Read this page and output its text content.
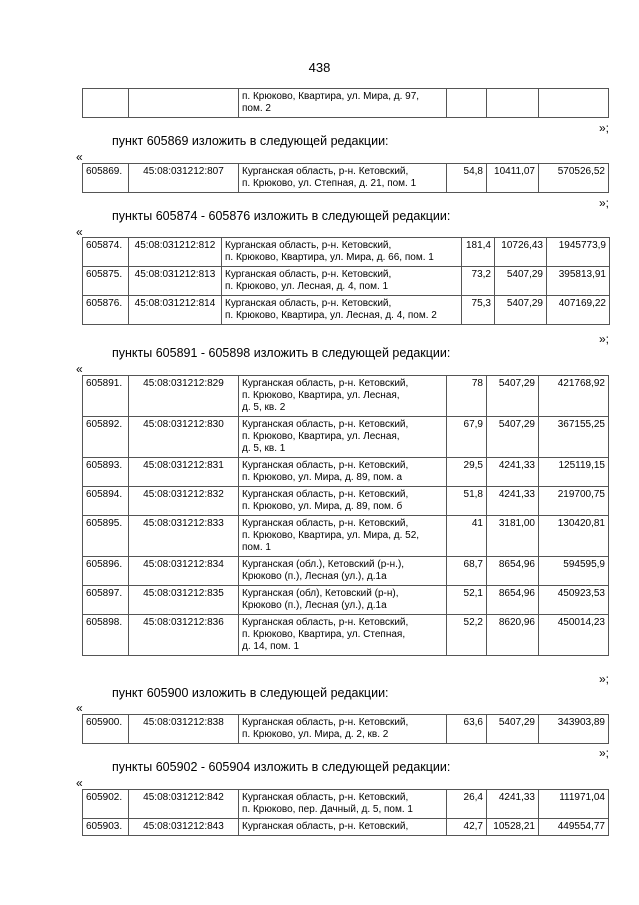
438

	п. Крюково, Квартира, ул. Мира, д. 97,
пом. 2	

»;
пункт 605869 изложить в следующей редакции:
«
605869.	45:08:031212:807	Курганская область, р-н. Кетовский,
п. Крюково, ул. Степная, д. 21, пом. 1	54,8	10411,07	570526,52
»;
пункты 605874 - 605876 изложить в следующей редакции:
«
605874.	45:08:031212:812	Курганская область, р-н. Кетовский,
п. Крюково, Квартира, ул. Мира, д. 66, пом. 1	181,4	10726,43	1945773,9
605875.	45:08:031212:813	Курганская область, р-н. Кетовский,
п. Крюково, ул. Лесная, д. 4, пом. 1	73,2	5407,29	395813,91
605876.	45:08:031212:814	Курганская область, р-н. Кетовский,
п. Крюково, Квартира, ул. Лесная, д. 4, пом. 2	75,3	5407,29	407169,22
»;
пункты 605891 - 605898 изложить в следующей редакции:
«
605891.	45:08:031212:829	Курганская область, р-н. Кетовский,
п. Крюково, Квартира, ул. Лесная,
д. 5, кв. 2	78	5407,29	421768,92
605892.	45:08:031212:830	Курганская область, р-н. Кетовский,
п. Крюково, Квартира, ул. Лесная,
д. 5, кв. 1	67,9	5407,29	367155,25
605893.	45:08:031212:831	Курганская область, р-н. Кетовский,
п. Крюково, ул. Мира, д. 89, пом. а	29,5	4241,33	125119,15
605894.	45:08:031212:832	Курганская область, р-н. Кетовский,
п. Крюково, ул. Мира, д. 89, пом. б	51,8	4241,33	219700,75
605895.	45:08:031212:833	Курганская область, р-н. Кетовский,
п. Крюково, Квартира, ул. Мира, д. 52,
пом. 1	41	3181,00	130420,81
605896.	45:08:031212:834	Курганская (обл.), Кетовский (р-н.),
Крюково (п.), Лесная (ул.), д.1а	68,7	8654,96	594595,9
605897.	45:08:031212:835	Курганская (обл), Кетовский (р-н),
Крюково (п.), Лесная (ул.), д.1а	52,1	8654,96	450923,53
605898.	45:08:031212:836	Курганская область, р-н. Кетовский,
п. Крюково, Квартира, ул. Степная,
д. 14, пом. 1	52,2	8620,96	450014,23
»;
пункт 605900 изложить в следующей редакции:
«
605900.	45:08:031212:838	Курганская область, р-н. Кетовский,
п. Крюково, ул. Мира, д. 2, кв. 2	63,6	5407,29	343903,89
»;
пункты 605902 - 605904 изложить в следующей редакции:
«
605902.	45:08:031212:842	Курганская область, р-н. Кетовский,
п. Крюково, пер. Дачный, д. 5, пом. 1	26,4	4241,33	111971,04
605903.	45:08:031212:843	Курганская область, р-н. Кетовский,	42,7	10528,21	449554,77
